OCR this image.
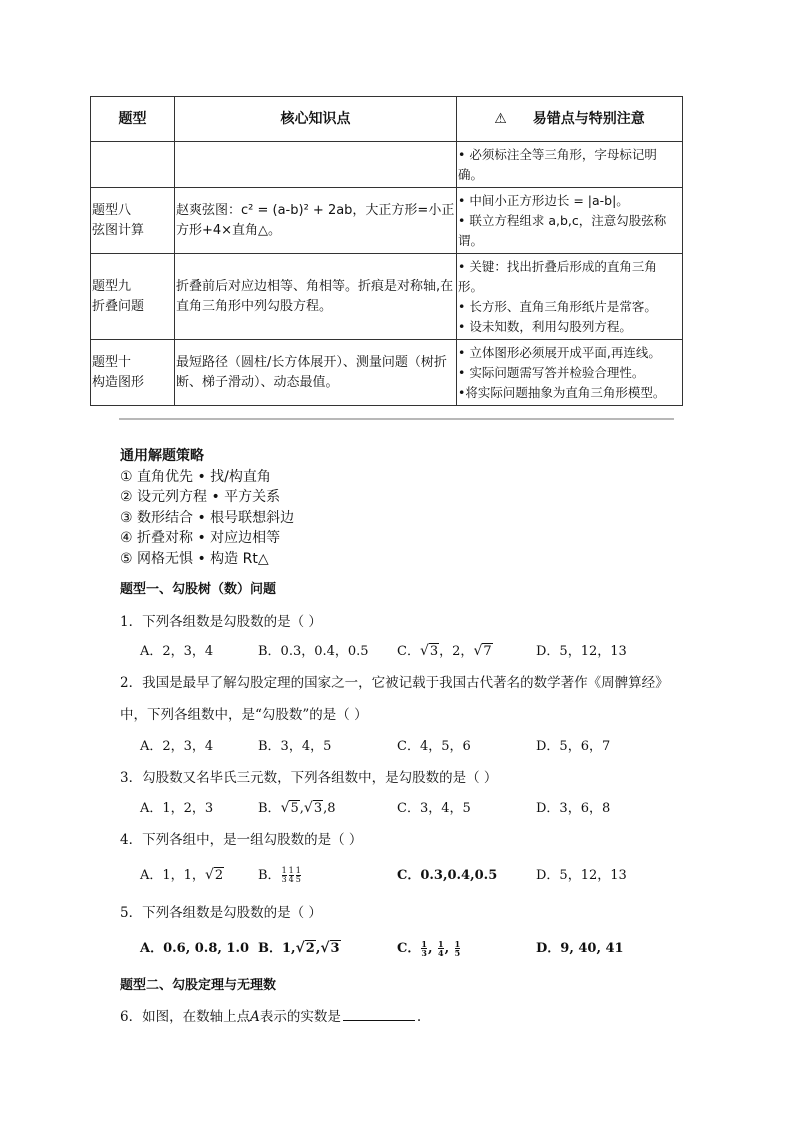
题型	核心知识点	⚠ 易错点与特别注意

		• 必须标注全等三角形，字母标记明确。

题型八
弦图计算	赵爽弦图：c² = (a-b)² + 2ab，大正方形=小正方形+4×直角△。	• 中间小正方形边长 = |a-b|。
• 联立方程组求 a,b,c，注意勾股弦称谓。

题型九
折叠问题	折叠前后对应边相等、角相等。折痕是对称轴,在直角三角形中列勾股方程。	• 关键：找出折叠后形成的直角三角形。
• 长方形、直角三角形纸片是常客。
• 设未知数，利用勾股列方程。

题型十
构造图形	最短路径（圆柱/长方体展开）、测量问题（树折断、梯子滑动）、动态最值。	• 立体图形必须展开成平面,再连线。
• 实际问题需写答并检验合理性。
•将实际问题抽象为直角三角形模型。
通用解题策略
① 直角优先 • 找/构直角
② 设元列方程 • 平方关系
③ 数形结合 • 根号联想斜边
④ 折叠对称 • 对应边相等
⑤ 网格无惧 • 构造 Rt△
题型一、勾股树（数）问题
1．下列各组数是勾股数的是（ ）
A．2，3，4	B．0.3，0.4，0.5 C．√3，2，√7	D．5，12，13
2．我国是最早了解勾股定理的国家之一，它被记载于我国古代著名的数学著作《周髀算经》
中，下列各组数中，是“勾股数”的是（ ）
A．2，3，4	B．3，4，5	C．4，5，6	D．5，6，7
3．勾股数又名毕氏三元数，下列各组数中，是勾股数的是（ ）
A．1，2，3	B．√5,√3,8	C．3，4，5	D．3，6，8
4．下列各组中，是一组勾股数的是（ ）
A．1，1，√2	B． $\frac{1}{3} \frac{1}{4} \frac{1}{5}$	C．0.3,0.4,0.5	D．5，12，13
5．下列各组数是勾股数的是（ ）
A．0.6, 0.8, 1.0 B．1,√2,√3	C． $\frac{1}{3}$ , $\frac{1}{4}$ , $\frac{1}{5}$	D．9, 40, 41
题型二、勾股定理与无理数
6．如图，在数轴上点A表示的实数是	.
